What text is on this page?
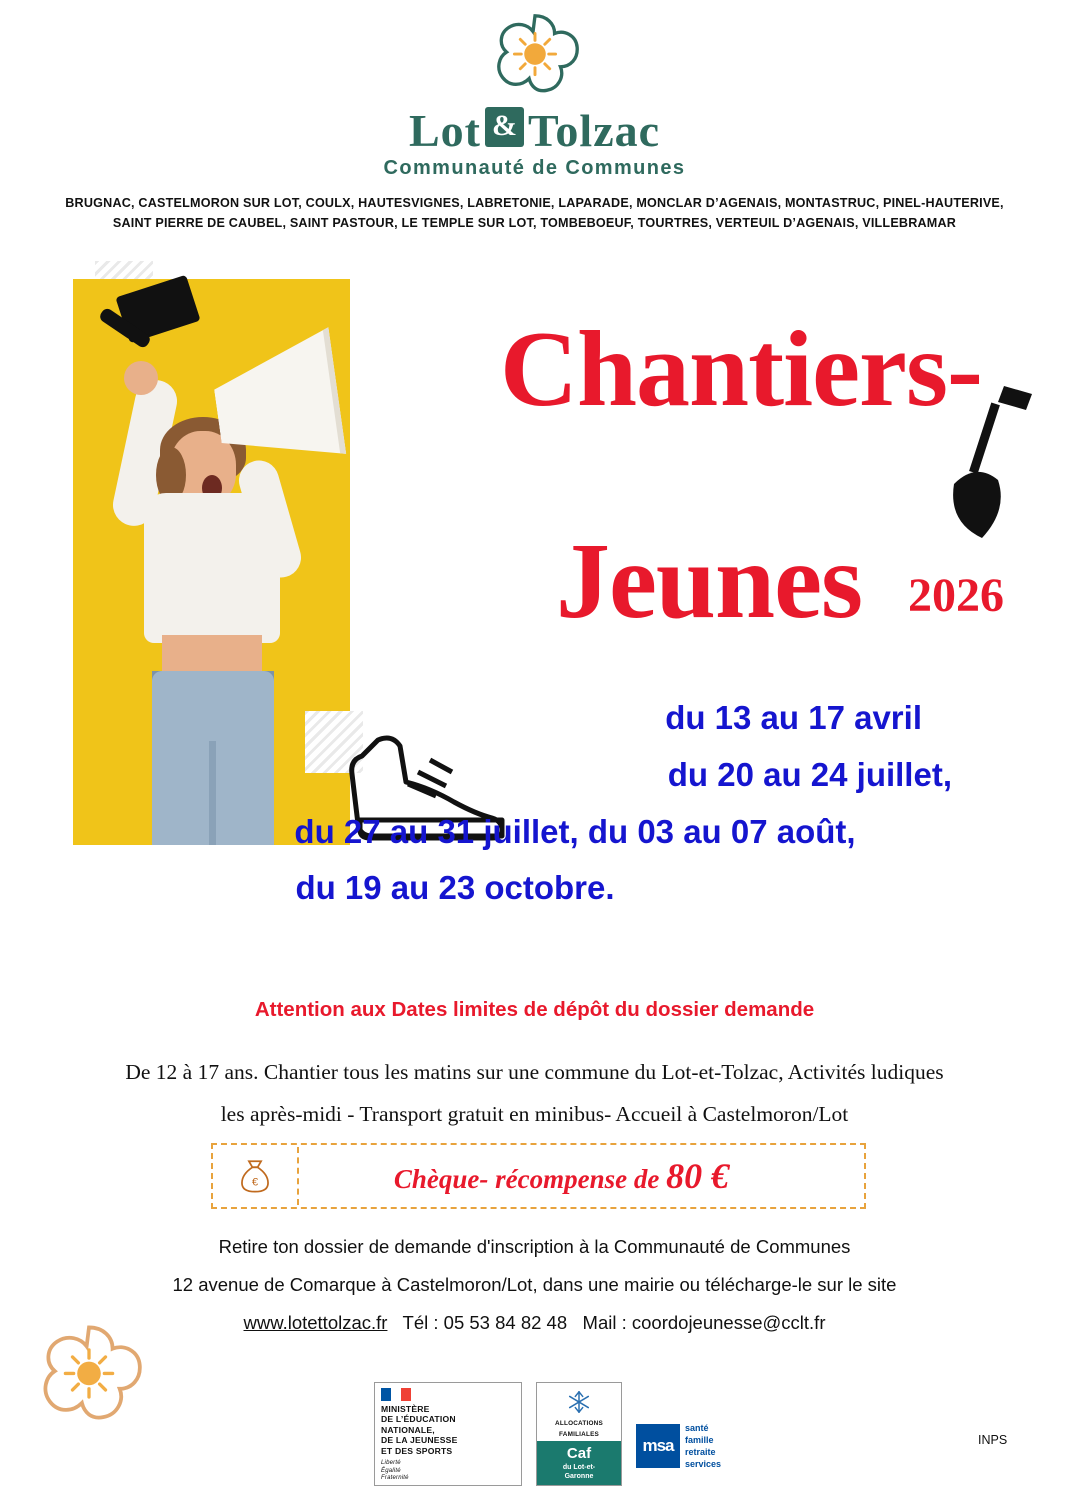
Lot & Tolzac
Communauté de Communes
BRUGNAC, CASTELMORON SUR LOT, COULX, HAUTESVIGNES, LABRETONIE, LAPARADE, MONCLAR D’AGENAIS, MONTASTRUC, PINEL-HAUTERIVE,
SAINT PIERRE DE CAUBEL, SAINT PASTOUR, LE TEMPLE SUR LOT, TOMBEBOEUF, TOURTRES, VERTEUIL D’AGENAIS, VILLEBRAMAR
Chantiers-
Jeunes 2026
du 13 au 17 avril
du 20 au 24 juillet,
du 27 au 31 juillet, du 03 au 07 août,
du 19 au 23 octobre.
Attention aux Dates limites de dépôt du dossier demande
De 12 à 17 ans. Chantier tous les matins sur une commune du Lot-et-Tolzac, Activités ludiques
les après-midi - Transport gratuit en minibus- Accueil à Castelmoron/Lot
€	Chèque- récompense de 80 €
Retire ton dossier de demande d'inscription à la Communauté de Communes
12 avenue de Comarque à Castelmoron/Lot, dans une mairie ou télécharge-le sur le site
www.lotettolzac.fr Tél : 05 53 84 82 48 Mail : coordojeunesse@cclt.fr
MINISTÈRE
DE L’ÉDUCATION
NATIONALE,
DE LA JEUNESSE
ET DES SPORTS
Liberté
Égalité
Fraternité
ALLOCATIONS
FAMILIALES
Caf
du Lot-et-
Garonne
msa
santé
famille
retraite
services
INPS
